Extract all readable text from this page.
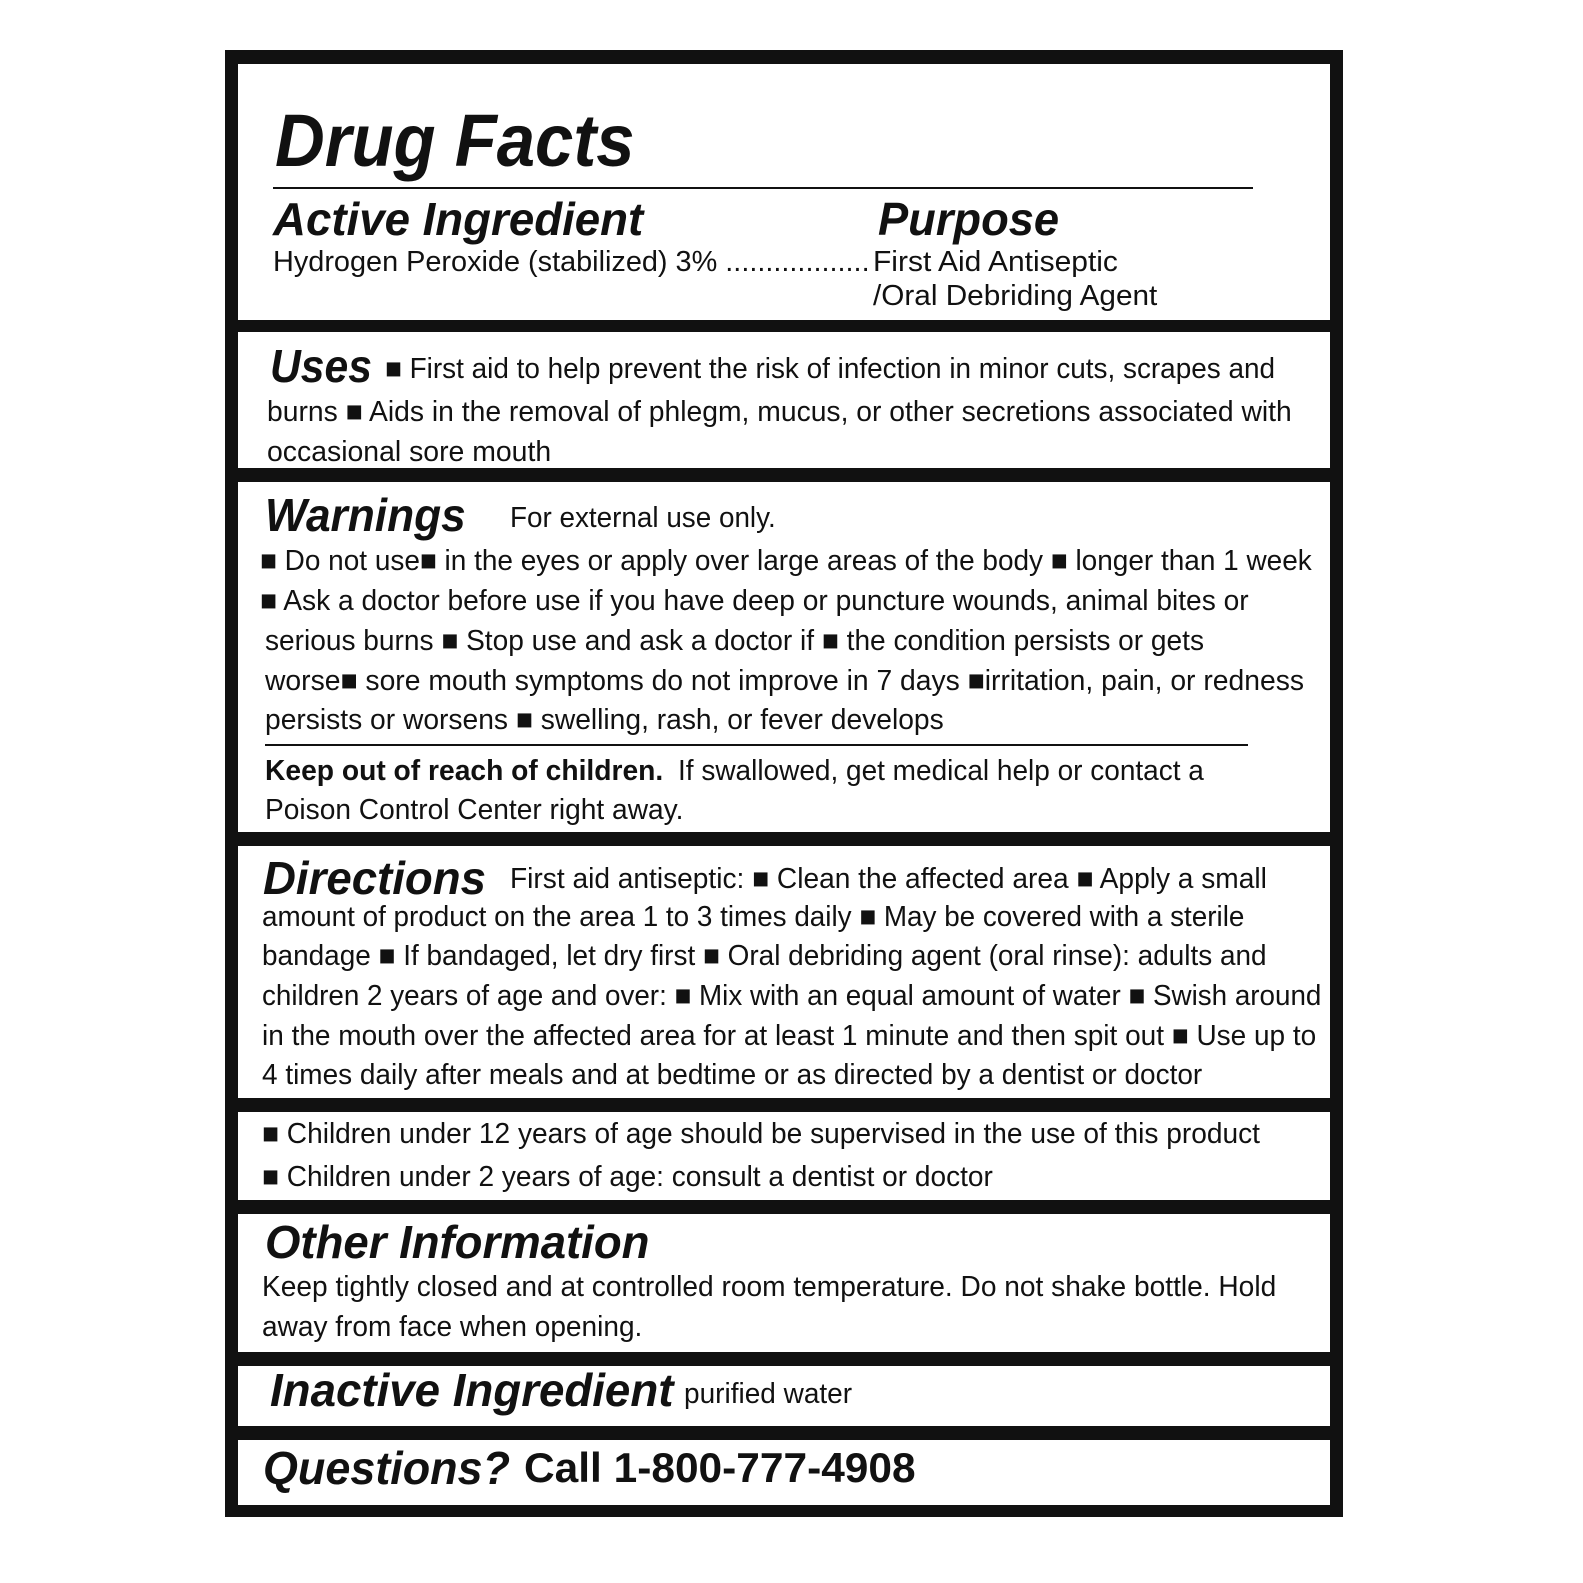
Drug Facts
Active Ingredient	Purpose
Hydrogen Peroxide (stabilized) 3% .................. First Aid Antiseptic
/Oral Debriding Agent
Uses ■ First aid to help prevent the risk of infection in minor cuts, scrapes and
burns ■ Aids in the removal of phlegm, mucus, or other secretions associated with
occasional sore mouth
Warnings For external use only.
■ Do not use■ in the eyes or apply over large areas of the body ■ longer than 1 week
■ Ask a doctor before use if you have deep or puncture wounds, animal bites or
serious burns ■ Stop use and ask a doctor if ■ the condition persists or gets
worse■ sore mouth symptoms do not improve in 7 days ■irritation, pain, or redness
persists or worsens ■ swelling, rash, or fever develops
Keep out of reach of children. If swallowed, get medical help or contact a
Poison Control Center right away.
Directions First aid antiseptic: ■ Clean the affected area ■ Apply a small
amount of product on the area 1 to 3 times daily ■ May be covered with a sterile
bandage ■ If bandaged, let dry first ■ Oral debriding agent (oral rinse): adults and
children 2 years of age and over: ■ Mix with an equal amount of water ■ Swish around
in the mouth over the affected area for at least 1 minute and then spit out ■ Use up to
4 times daily after meals and at bedtime or as directed by a dentist or doctor
■ Children under 12 years of age should be supervised in the use of this product
■ Children under 2 years of age: consult a dentist or doctor
Other Information
Keep tightly closed and at controlled room temperature. Do not shake bottle. Hold
away from face when opening.
Inactive Ingredient purified water
Questions? Call 1-800-777-4908
